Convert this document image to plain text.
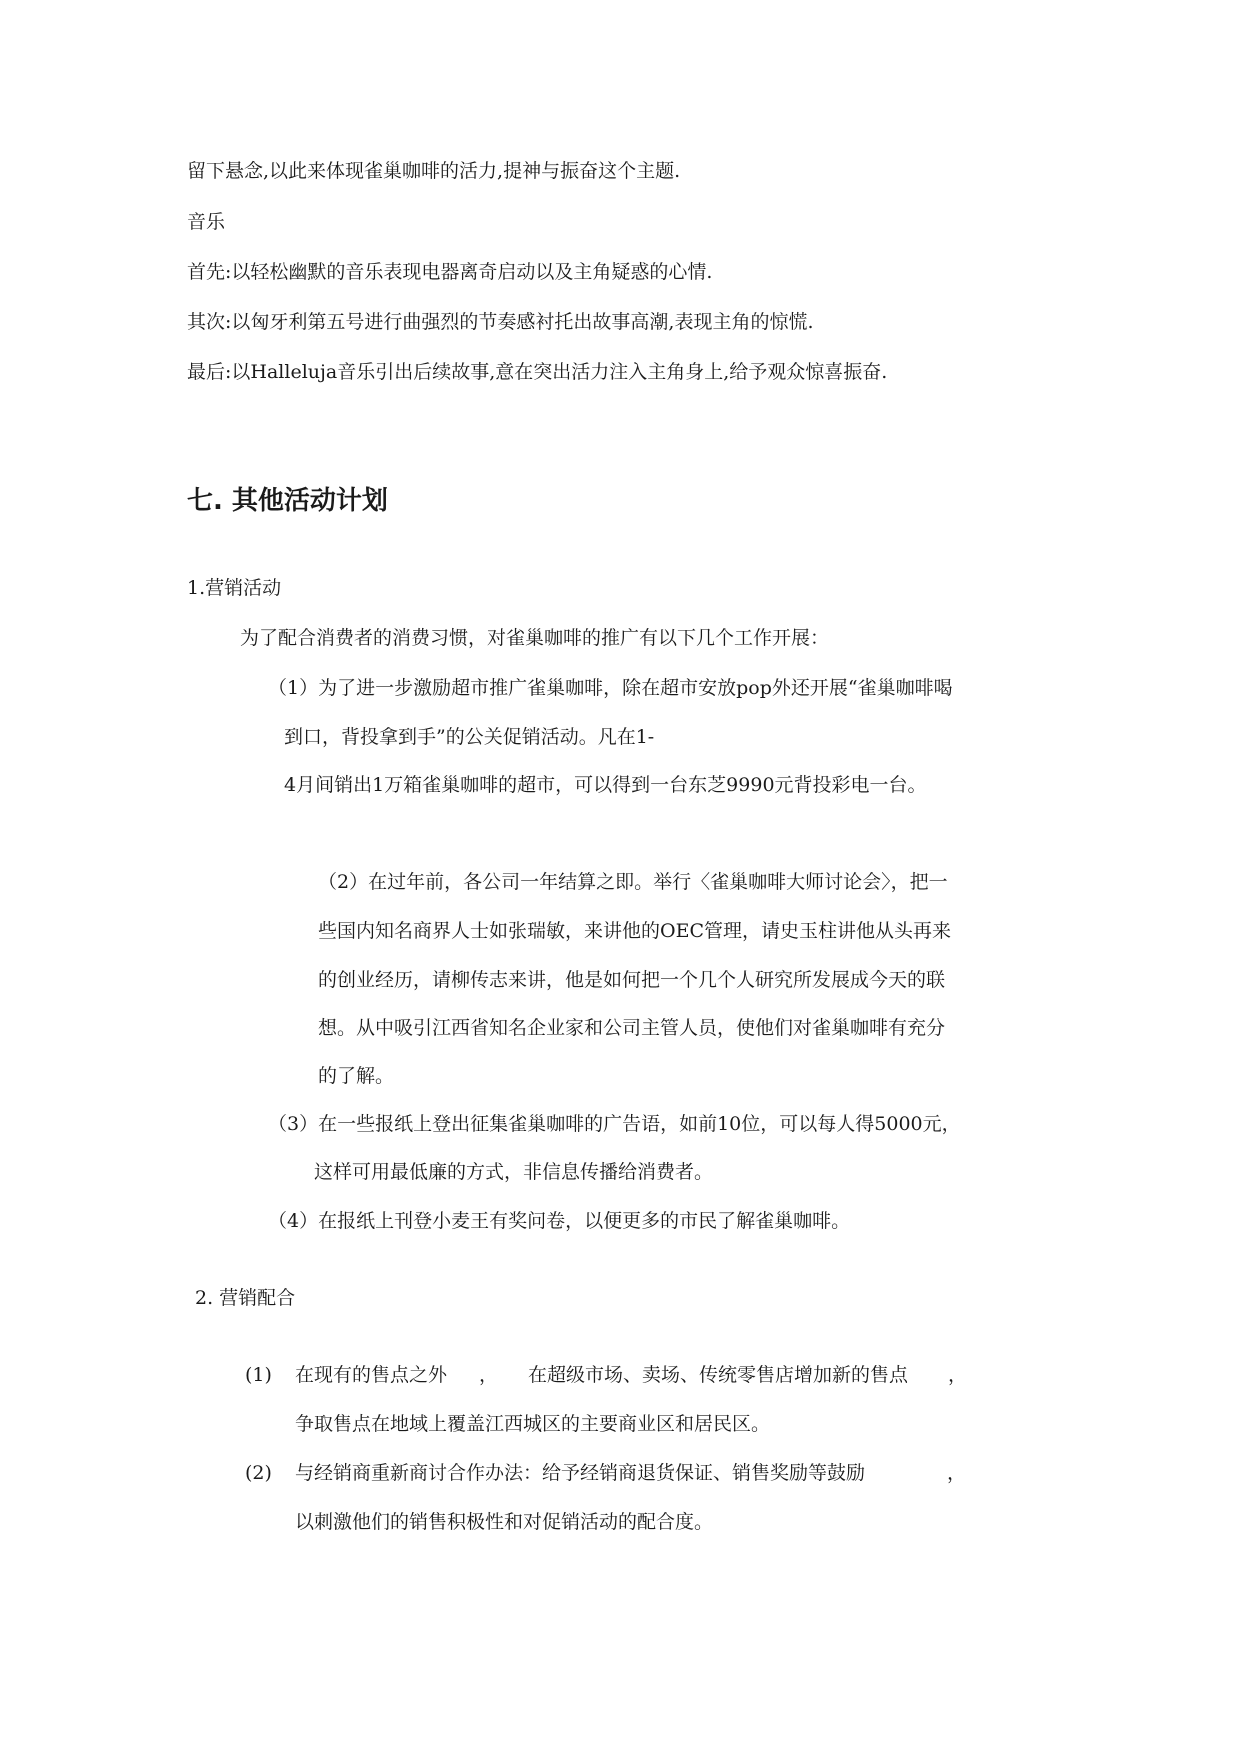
留下悬念,以此来体现雀巢咖啡的活力,提神与振奋这个主题.
音乐
首先:以轻松幽默的音乐表现电器离奇启动以及主角疑惑的心情.
其次:以匈牙利第五号进行曲强烈的节奏感衬托出故事高潮,表现主角的惊慌.
最后:以Halleluja音乐引出后续故事,意在突出活力注入主角身上,给予观众惊喜振奋.
七. 其他活动计划
1.营销活动
为了配合消费者的消费习惯，对雀巢咖啡的推广有以下几个工作开展：
（1）为了进一步激励超市推广雀巢咖啡，除在超市安放pop外还开展“雀巢咖啡喝
到口，背投拿到手”的公关促销活动。凡在1-
4月间销出1万箱雀巢咖啡的超市，可以得到一台东芝9990元背投彩电一台。
（2）在过年前，各公司一年结算之即。举行〈雀巢咖啡大师讨论会〉，把一
些国内知名商界人士如张瑞敏，来讲他的OEC管理，请史玉柱讲他从头再来
的创业经历，请柳传志来讲，他是如何把一个几个人研究所发展成今天的联
想。从中吸引江西省知名企业家和公司主管人员，使他们对雀巢咖啡有充分
的了解。
（3）在一些报纸上登出征集雀巢咖啡的广告语，如前10位，可以每人得5000元，
这样可用最低廉的方式，非信息传播给消费者。
（4）在报纸上刊登小麦王有奖问卷，以便更多的市民了解雀巢咖啡。
2. 营销配合
(1) 在现有的售点之外 ， 在超级市场、卖场、传统零售店增加新的售点 ，
争取售点在地域上覆盖江西城区的主要商业区和居民区。
(2) 与经销商重新商讨合作办法：给予经销商退货保证、销售奖励等鼓励	，
以刺激他们的销售积极性和对促销活动的配合度。
